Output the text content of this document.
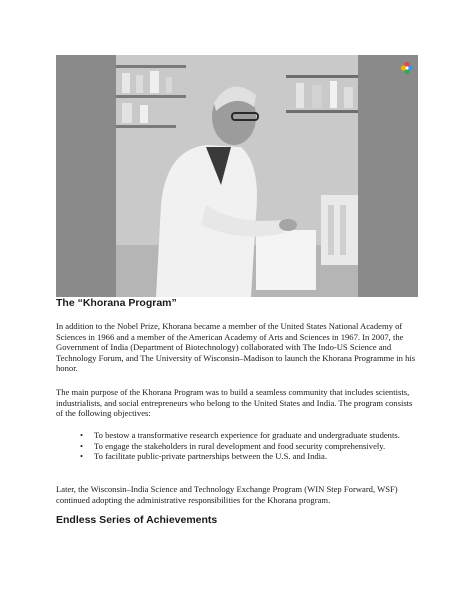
The “Khorana Program”

In addition to the Nobel Prize, Khorana became a member of the United States National Academy of Sciences in 1966 and a member of the American Academy of Arts and Sciences in 1967. In 2007, the Government of India (Department of Biotechnology) collaborated with The Indo-US Science and Technology Forum, and The University of Wisconsin–Madison to launch the Khorana Programme in his honor.

The main purpose of the Khorana Program was to build a seamless community that includes scientists, industrialists, and social entrepreneurs who belong to the United States and India. The program consists of the following objectives:

• To bestow a transformative research experience for graduate and undergraduate students.
• To engage the stakeholders in rural development and food security comprehensively.
• To facilitate public-private partnerships between the U.S. and India.

Later, the Wisconsin–India Science and Technology Exchange Program (WIN Step Forward, WSF) continued adopting the administrative responsibilities for the Khorana program.

Endless Series of Achievements
